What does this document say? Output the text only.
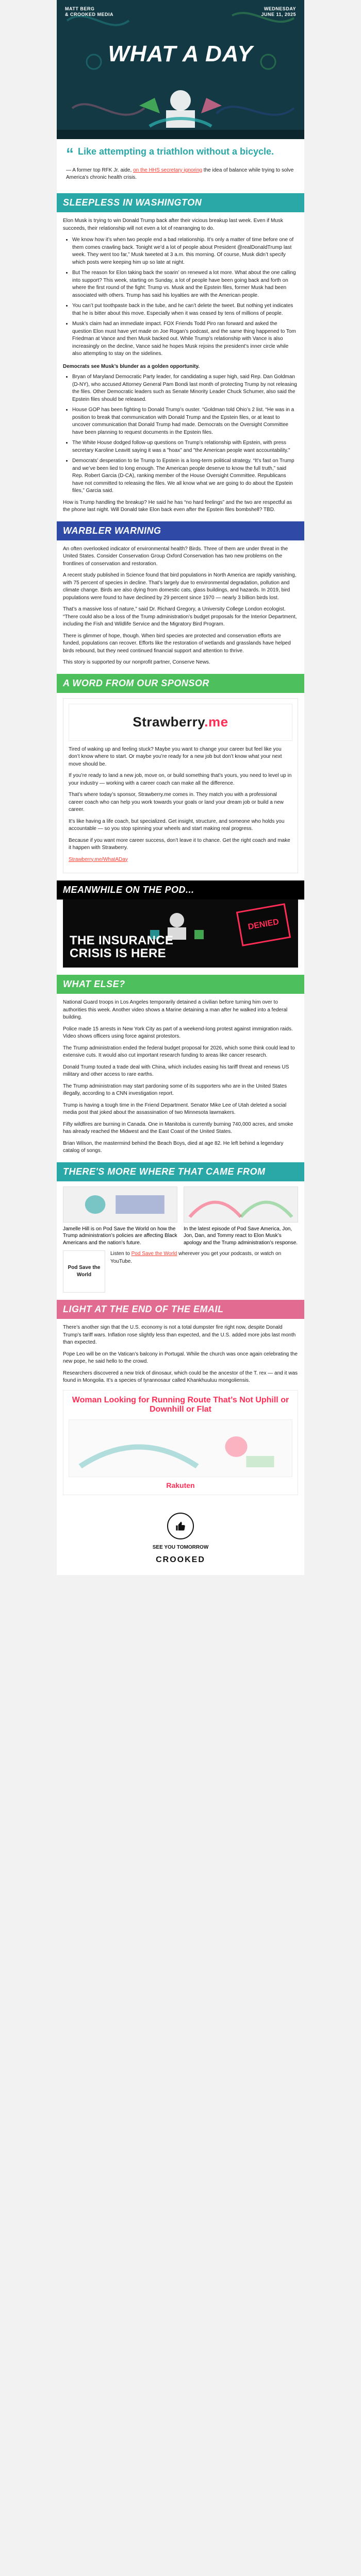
MATT BERG
& CROOKED MEDIA
WEDNESDAY
JUNE 11, 2025
WHAT A DAY
“ Like attempting a triathlon without a bicycle.
— A former top RFK Jr. aide, on the HHS secretary ignoring the idea of balance while trying to solve America’s chronic health crisis.
SLEEPLESS IN WASHINGTON

Elon Musk is trying to win Donald Trump back after their vicious breakup last week. Even if Musk succeeds, their relationship will not even a lot of rearranging to do.

• We know how it’s when two people end a bad relationship. It’s only a matter of time before one of them comes crawling back. Tonight we’d a lot of people about President @realDonaldTrump last week. They went too far,” Musk tweeted at 3 a.m. this morning. Of course, Musk didn’t specify which posts were keeping him up so late at night.
• But The reason for Elon taking back the soarin’ on renewed a lot more. What about the one calling into support? This week, starting on Sunday, a lot of people have been going back and forth on where the first round of the fight: Trump vs. Musk and the Epstein files, former Musk had been associated with others. Trump has said his loyalties are with the American people.
• You can’t put toothpaste back in the tube, and he can’t delete the tweet. But nothing yet indicates that he is bitter about this move. Especially when it was ceased by tens of millions of people.
• Musk’s claim had an immediate impact. FOX Friends Todd Piro ran forward and asked the question Elon must have yet made on Joe Rogan’s podcast, and the same thing happened to Tom Friedman at Vance and then Musk backed out. While Trump’s relationship with Vance is also increasingly on the decline, Vance said he hopes Musk rejoins the president’s inner circle while also attempting to stay on the sidelines.
Democrats see Musk’s blunder as a golden opportunity.
• Bryan of Maryland Democratic Party leader, for candidating a super high, said Rep. Dan Goldman (D-NY), who accused Attorney General Pam Bondi last month of protecting Trump by not releasing the files. Other Democratic leaders such as Senate Minority Leader Chuck Schumer, also said the Epstein files should be released.
• House GOP has been fighting to Donald Trump’s ouster. “Goldman told Ohio’s 2 list. “He was in a position to break that communication with Donald Trump and the Epstein files, or at least to uncover communication that Donald Trump had made. Democrats on the Oversight Committee have been planning to request documents in the Epstein files.
• The White House dodged follow-up questions on Trump’s relationship with Epstein, with press secretary Karoline Leavitt saying it was a "hoax" and "the American people want accountability."
• Democrats’ desperation to tie Trump to Epstein is a long-term political strategy. “It’s fast on Trump and we’ve been lied to long enough. The American people deserve to know the full truth,” said Rep. Robert Garcia (D-CA), ranking member of the House Oversight Committee. Republicans have not committed to releasing the files. We all know what we are going to do about the Epstein files,” Garcia said.

How is Trump handling the breakup? He said he has “no hard feelings” and the two are respectful as the phone last night. Will Donald take Elon back even after the Epstein files bombshell? TBD.

WARBLER WARNING

An often overlooked indicator of environmental health? Birds. Three of them are under threat in the United States. Consider Conservation Group Oxford Conservation has two new problems on the frontlines of conservation and restoration.

A recent study published in Science found that bird populations in North America are rapidly vanishing, with 75 percent of species in decline. That’s largely due to environmental degradation, pollution and climate change. Birds are also dying from domestic cats, glass buildings, and hazards. In 2019, bird populations were found to have declined by 29 percent since 1970 — nearly 3 billion birds lost.

That’s a massive loss of nature,” said Dr. Richard Gregory, a University College London ecologist. “There could also be a loss of the Trump administration’s budget proposals for the Interior Department, including the Fish and Wildlife Service and the Migratory Bird Program.

There is glimmer of hope, though. When bird species are protected and conservation efforts are funded, populations can recover. Efforts like the restoration of wetlands and grasslands have helped birds rebound, but they need continued financial support and attention to thrive.

This story is supported by our nonprofit partner, Conserve News.

A WORD FROM OUR SPONSOR
Strawberry.me

Tired of waking up and feeling stuck? Maybe you want to change your career but feel like you don’t know where to start. Or maybe you’re ready for a new job but don’t know what your next move should be.

If you’re ready to land a new job, move on, or build something that’s yours, you need to level up in your industry — working with a career coach can make all the difference.

That’s where today’s sponsor, Strawberry.me comes in. They match you with a professional career coach who can help you work towards your goals or land your dream job or build a new career.

It’s like having a life coach, but specialized. Get insight, structure, and someone who holds you accountable — so you stop spinning your wheels and start making real progress.

Because if you want more career success, don’t leave it to chance. Get the right coach and make it happen with Strawberry.

Strawberry.me/WhatADay

MEANWHILE ON THE POD...
DENIED
THE INSURANCE
CRISIS IS HERE
WHAT ELSE?

National Guard troops in Los Angeles temporarily detained a civilian before turning him over to authorities this week. Another video shows a Marine detaining a man after he walked into a federal building.

Police made 15 arrests in New York City as part of a weekend-long protest against immigration raids. Video shows officers using force against protestors.

The Trump administration ended the federal budget proposal for 2026, which some think could lead to extensive cuts. It would also cut important research funding to areas like cancer research.

Donald Trump touted a trade deal with China, which includes easing his tariff threat and renews US military and other access to rare earths.

The Trump administration may start pardoning some of its supporters who are in the United States illegally, according to a CNN investigation report.

Trump is having a tough time in the Friend Department. Senator Mike Lee of Utah deleted a social media post that joked about the assassination of two Minnesota lawmakers.

Fifty wildfires are burning in Canada. One in Manitoba is currently burning 740,000 acres, and smoke has already reached the Midwest and the East Coast of the United States.

Brian Wilson, the mastermind behind the Beach Boys, died at age 82. He left behind a legendary catalog of songs.

THERE'S MORE WHERE THAT CAME FROM
Jamelle Hill is on Pod Save the World on how the Trump administration’s policies are affecting Black Americans and the nation’s future.
In the latest episode of Pod Save America, Jon, Jon, Dan, and Tommy react to Elon Musk’s apology and the Trump administration’s response.
Pod Save the World
Listen to Pod Save the World wherever you get your podcasts, or watch on YouTube.
LIGHT AT THE END OF THE EMAIL

There’s another sign that the U.S. economy is not a total dumpster fire right now, despite Donald Trump’s tariff wars. Inflation rose slightly less than expected, and the U.S. added more jobs last month than expected.

Pope Leo will be on the Vatican’s balcony in Portugal. While the church was once again celebrating the new pope, he said hello to the crowd.

Researchers discovered a new trick of dinosaur, which could be the ancestor of the T. rex — and it was found in Mongolia. It’s a species of tyrannosaur called Khankhuuluu mongoliensis.

Woman Looking for Running Route That’s Not Uphill or Downhill or Flat
Rakuten
SEE YOU TOMORROW
CROOKED
